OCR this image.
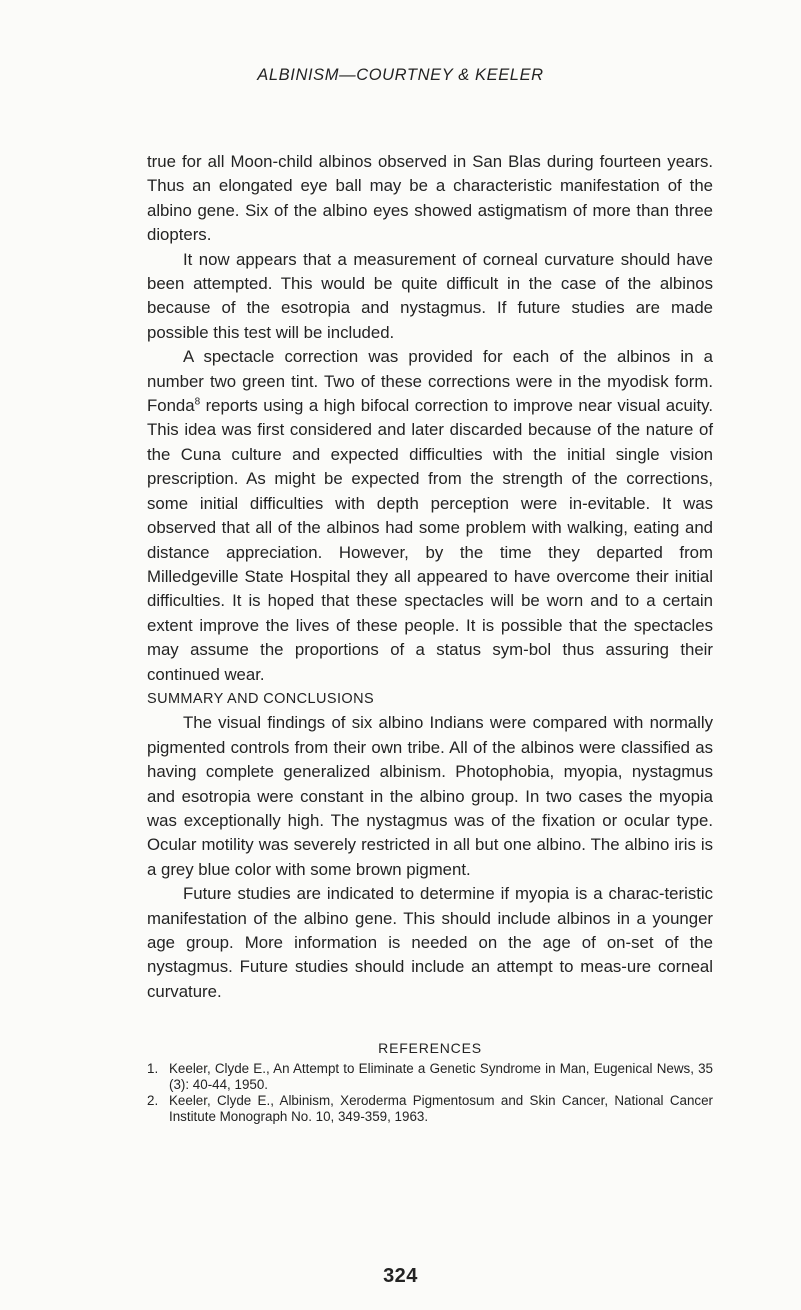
ALBINISM—COURTNEY & KEELER

true for all Moon-child albinos observed in San Blas during fourteen years. Thus an elongated eye ball may be a characteristic manifestation of the albino gene. Six of the albino eyes showed astigmatism of more than three diopters.

It now appears that a measurement of corneal curvature should have been attempted. This would be quite difficult in the case of the albinos because of the esotropia and nystagmus. If future studies are made possible this test will be included.

A spectacle correction was provided for each of the albinos in a number two green tint. Two of these corrections were in the myodisk form. Fonda$^8$ reports using a high bifocal correction to improve near visual acuity. This idea was first considered and later discarded because of the nature of the Cuna culture and expected difficulties with the initial single vision prescription. As might be expected from the strength of the corrections, some initial difficulties with depth perception were in-evitable. It was observed that all of the albinos had some problem with walking, eating and distance appreciation. However, by the time they departed from Milledgeville State Hospital they all appeared to have overcome their initial difficulties. It is hoped that these spectacles will be worn and to a certain extent improve the lives of these people. It is possible that the spectacles may assume the proportions of a status sym-bol thus assuring their continued wear.

SUMMARY AND CONCLUSIONS

The visual findings of six albino Indians were compared with normally pigmented controls from their own tribe. All of the albinos were classified as having complete generalized albinism. Photophobia, myopia, nystagmus and esotropia were constant in the albino group. In two cases the myopia was exceptionally high. The nystagmus was of the fixation or ocular type. Ocular motility was severely restricted in all but one albino. The albino iris is a grey blue color with some brown pigment.

Future studies are indicated to determine if myopia is a charac-teristic manifestation of the albino gene. This should include albinos in a younger age group. More information is needed on the age of on-set of the nystagmus. Future studies should include an attempt to meas-ure corneal curvature.

REFERENCES
1. Keeler, Clyde E., An Attempt to Eliminate a Genetic Syndrome in Man, Eugenical News, 35 (3): 40-44, 1950.
2. Keeler, Clyde E., Albinism, Xeroderma Pigmentosum and Skin Cancer, National Cancer Institute Monograph No. 10, 349-359, 1963.
324
